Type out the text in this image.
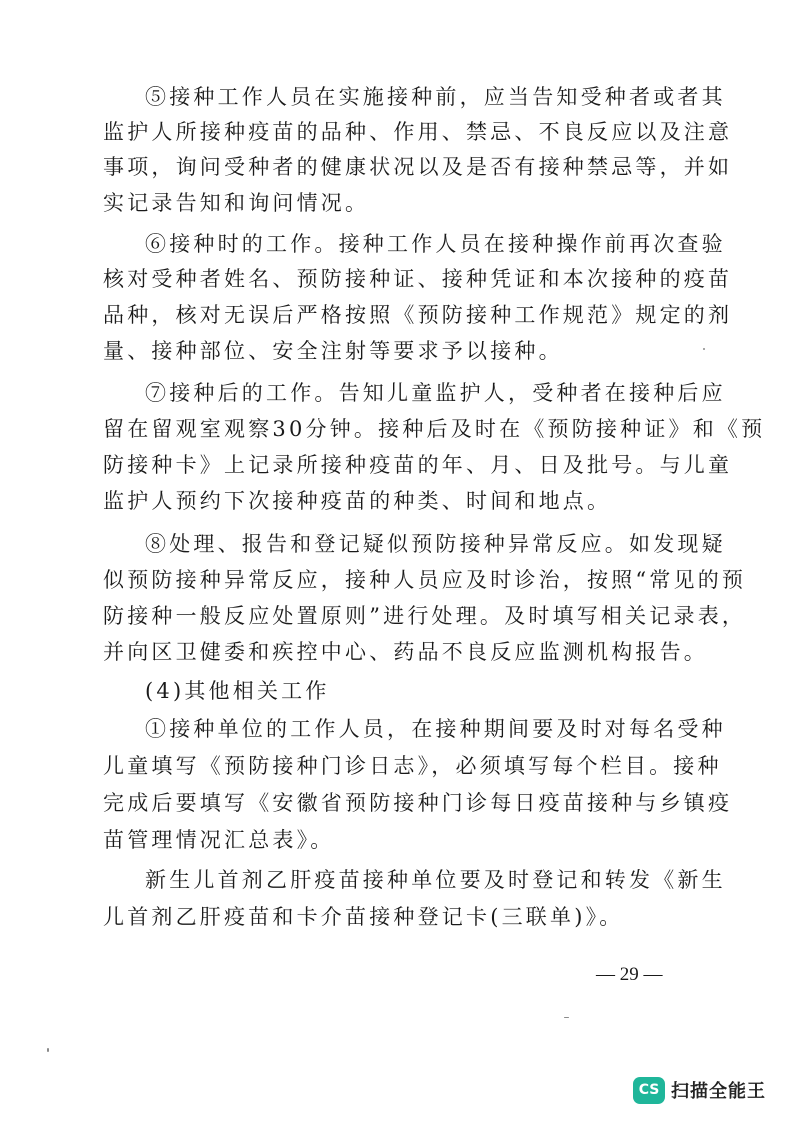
⑤接种工作人员在实施接种前，应当告知受种者或者其
监护人所接种疫苗的品种、作用、禁忌、不良反应以及注意
事项，询问受种者的健康状况以及是否有接种禁忌等，并如
实记录告知和询问情况。
⑥接种时的工作。接种工作人员在接种操作前再次查验
核对受种者姓名、预防接种证、接种凭证和本次接种的疫苗
品种，核对无误后严格按照《预防接种工作规范》规定的剂
量、接种部位、安全注射等要求予以接种。
⑦接种后的工作。告知儿童监护人，受种者在接种后应
留在留观室观察30分钟。接种后及时在《预防接种证》和《预
防接种卡》上记录所接种疫苗的年、月、日及批号。与儿童
监护人预约下次接种疫苗的种类、时间和地点。
⑧处理、报告和登记疑似预防接种异常反应。如发现疑
似预防接种异常反应，接种人员应及时诊治，按照“常见的预
防接种一般反应处置原则”进行处理。及时填写相关记录表，
并向区卫健委和疾控中心、药品不良反应监测机构报告。
(4)其他相关工作
①接种单位的工作人员，在接种期间要及时对每名受种
儿童填写《预防接种门诊日志》，必须填写每个栏目。接种
完成后要填写《安徽省预防接种门诊每日疫苗接种与乡镇疫
苗管理情况汇总表》。
新生儿首剂乙肝疫苗接种单位要及时登记和转发《新生
儿首剂乙肝疫苗和卡介苗接种登记卡(三联单)》。
— 29 —
CS 扫描全能王
